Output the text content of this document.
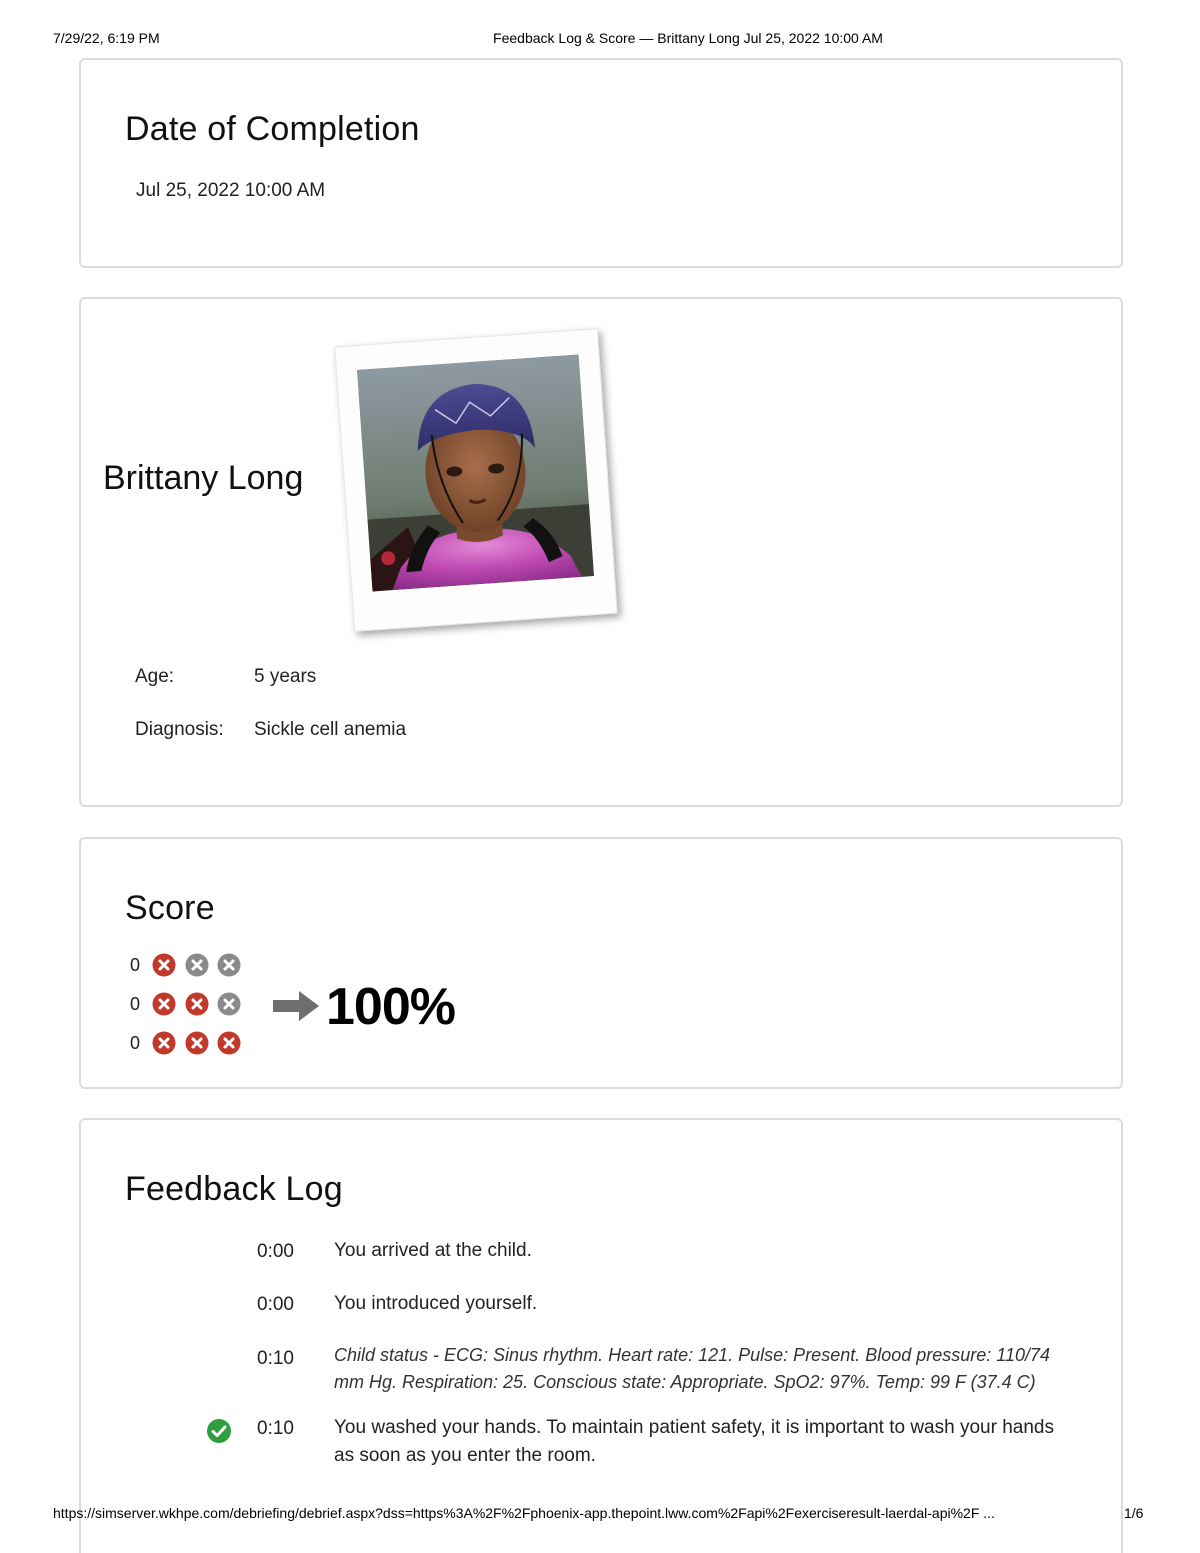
7/29/22, 6:19 PM	Feedback Log & Score — Brittany Long Jul 25, 2022 10:00 AM
Date of Completion
Jul 25, 2022 10:00 AM
Brittany Long
Age:	5 years
Diagnosis: Sickle cell anemia
Score
0
0
0
100%
Feedback Log
0:00 You arrived at the child.
0:00 You introduced yourself.
0:10 Child status - ECG: Sinus rhythm. Heart rate: 121. Pulse: Present. Blood pressure: 110/74 mm Hg. Respiration: 25. Conscious state: Appropriate. SpO2: 97%. Temp: 99 F (37.4 C)
0:10 You washed your hands. To maintain patient safety, it is important to wash your hands as soon as you enter the room.
https://simserver.wkhpe.com/debriefing/debrief.aspx?dss=https%3A%2F%2Fphoenix-app.thepoint.lww.com%2Fapi%2Fexerciseresult-laerdal-api%2F ...	1/6
